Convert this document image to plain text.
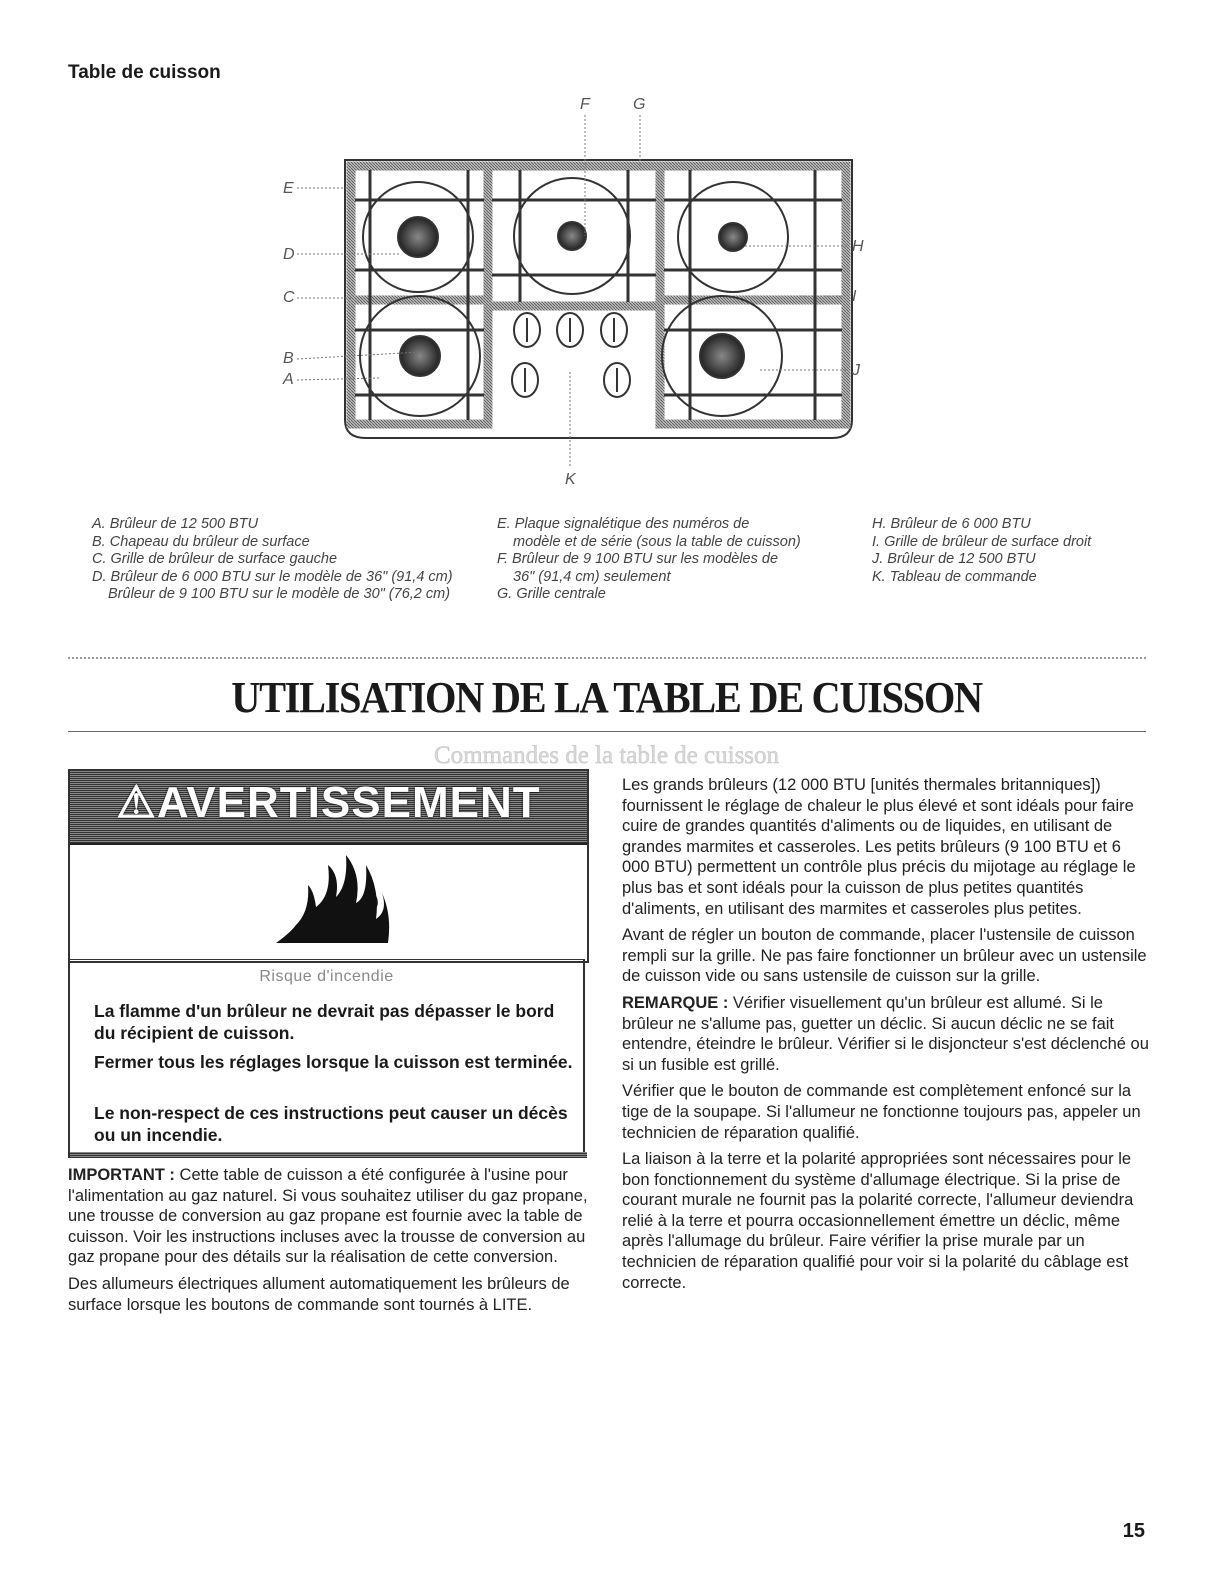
Table de cuisson
E
D
C
B
A
F	G
H
I
J
K
A. Brûleur de 12 500 BTU
B. Chapeau du brûleur de surface
C. Grille de brûleur de surface gauche
D. Brûleur de 6 000 BTU sur le modèle de 36" (91,4 cm)
Brûleur de 9 100 BTU sur le modèle de 30" (76,2 cm)
E. Plaque signalétique des numéros de
modèle et de série (sous la table de cuisson)
F. Brûleur de 9 100 BTU sur les modèles de
36" (91,4 cm) seulement
G. Grille centrale
H. Brûleur de 6 000 BTU
I. Grille de brûleur de surface droit
J. Brûleur de 12 500 BTU
K. Tableau de commande
UTILISATION DE LA TABLE DE CUISSON
Commandes de la table de cuisson
⚠AVERTISSEMENT
Risque d'incendie
La flamme d'un brûleur ne devrait pas dépasser le bord du récipient de cuisson.
Fermer tous les réglages lorsque la cuisson est terminée.
Le non-respect de ces instructions peut causer un décès ou un incendie.

IMPORTANT : Cette table de cuisson a été configurée à l'usine pour l'alimentation au gaz naturel. Si vous souhaitez utiliser du gaz propane, une trousse de conversion au gaz propane est fournie avec la table de cuisson. Voir les instructions incluses avec la trousse de conversion au gaz propane pour des détails sur la réalisation de cette conversion.

Des allumeurs électriques allument automatiquement les brûleurs de surface lorsque les boutons de commande sont tournés à LITE.

Les grands brûleurs (12 000 BTU [unités thermales britanniques]) fournissent le réglage de chaleur le plus élevé et sont idéals pour faire cuire de grandes quantités d'aliments ou de liquides, en utilisant de grandes marmites et casseroles. Les petits brûleurs (9 100 BTU et 6 000 BTU) permettent un contrôle plus précis du mijotage au réglage le plus bas et sont idéals pour la cuisson de plus petites quantités d'aliments, en utilisant des marmites et casseroles plus petites.

Avant de régler un bouton de commande, placer l'ustensile de cuisson rempli sur la grille. Ne pas faire fonctionner un brûleur avec un ustensile de cuisson vide ou sans ustensile de cuisson sur la grille.

REMARQUE : Vérifier visuellement qu'un brûleur est allumé. Si le brûleur ne s'allume pas, guetter un déclic. Si aucun déclic ne se fait entendre, éteindre le brûleur. Vérifier si le disjoncteur s'est déclenché ou si un fusible est grillé.

Vérifier que le bouton de commande est complètement enfoncé sur la tige de la soupape. Si l'allumeur ne fonctionne toujours pas, appeler un technicien de réparation qualifié.

La liaison à la terre et la polarité appropriées sont nécessaires pour le bon fonctionnement du système d'allumage électrique. Si la prise de courant murale ne fournit pas la polarité correcte, l'allumeur deviendra relié à la terre et pourra occasionnellement émettre un déclic, même après l'allumage du brûleur. Faire vérifier la prise murale par un technicien de réparation qualifié pour voir si la polarité du câblage est correcte.

15
